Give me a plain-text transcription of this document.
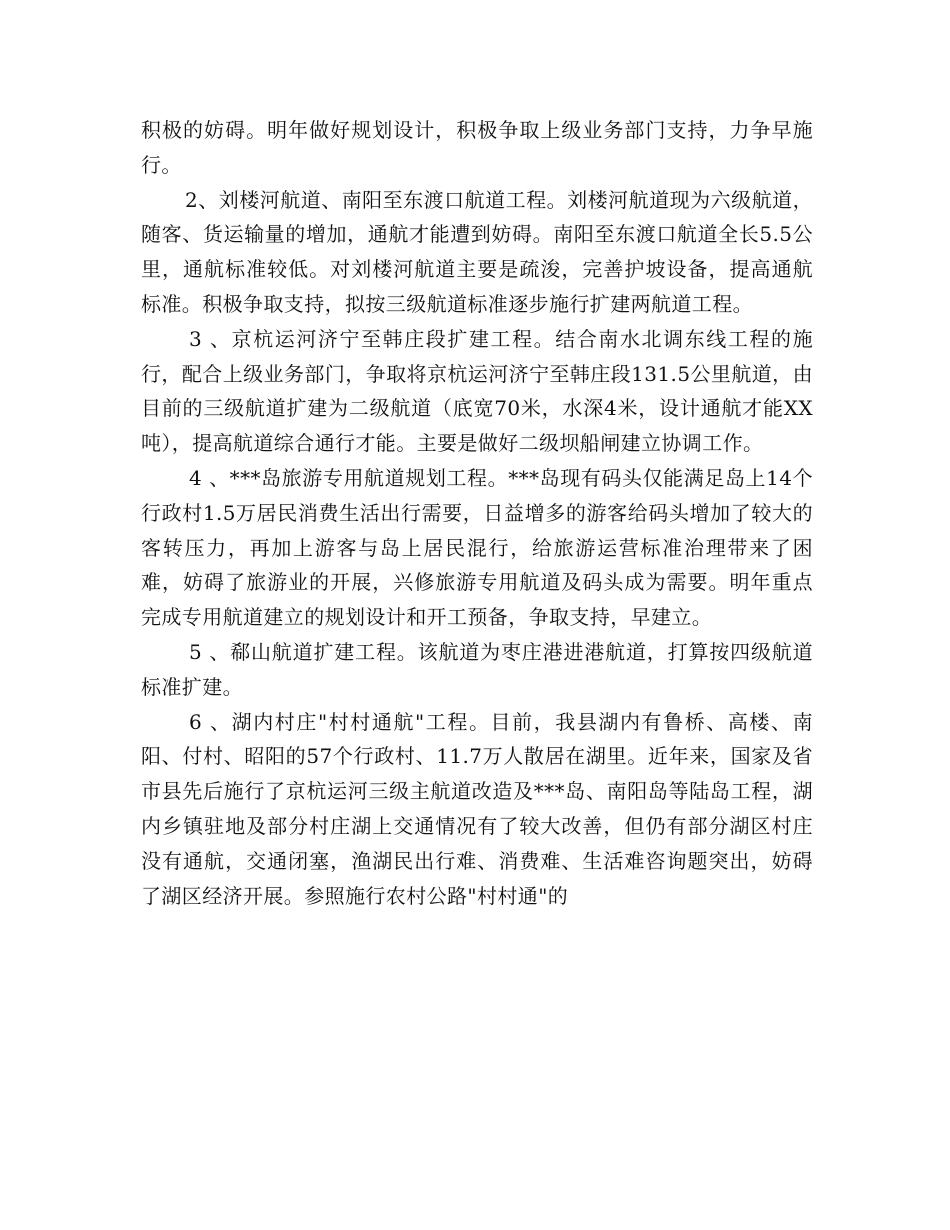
积极的妨碍。明年做好规划设计，积极争取上级业务部门支持，力争早施行。

2、刘楼河航道、南阳至东渡口航道工程。刘楼河航道现为六级航道，随客、货运输量的增加，通航才能遭到妨碍。南阳至东渡口航道全长5.5公里，通航标准较低。对刘楼河航道主要是疏浚，完善护坡设备，提高通航标准。积极争取支持，拟按三级航道标准逐步施行扩建两航道工程。

3 、京杭运河济宁至韩庄段扩建工程。结合南水北调东线工程的施行，配合上级业务部门，争取将京杭运河济宁至韩庄段131.5公里航道，由目前的三级航道扩建为二级航道（底宽70米，水深4米，设计通航才能XX吨），提高航道综合通行才能。主要是做好二级坝船闸建立协调工作。

4 、***岛旅游专用航道规划工程。***岛现有码头仅能满足岛上14个行政村1.5万居民消费生活出行需要，日益增多的游客给码头增加了较大的客转压力，再加上游客与岛上居民混行，给旅游运营标准治理带来了困难，妨碍了旅游业的开展，兴修旅游专用航道及码头成为需要。明年重点完成专用航道建立的规划设计和开工预备，争取支持，早建立。

5 、郗山航道扩建工程。该航道为枣庄港进港航道，打算按四级航道标准扩建。

6 、湖内村庄"村村通航"工程。目前，我县湖内有鲁桥、高楼、南阳、付村、昭阳的57个行政村、11.7万人散居在湖里。近年来，国家及省市县先后施行了京杭运河三级主航道改造及***岛、南阳岛等陆岛工程，湖内乡镇驻地及部分村庄湖上交通情况有了较大改善，但仍有部分湖区村庄没有通航，交通闭塞，渔湖民出行难、消费难、生活难咨询题突出，妨碍了湖区经济开展。参照施行农村公路"村村通"的
